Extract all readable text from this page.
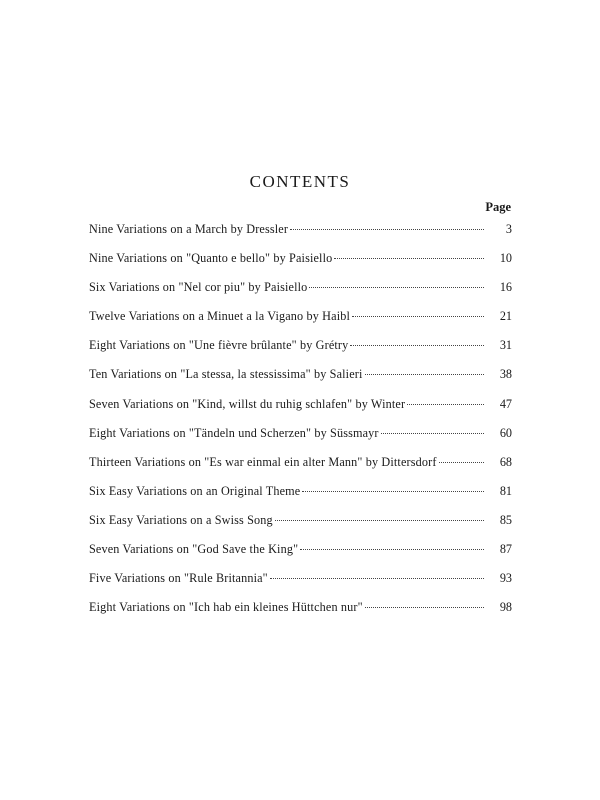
CONTENTS
Page
Nine Variations on a March by Dressler	3
Nine Variations on "Quanto e bello" by Paisiello	10
Six Variations on "Nel cor piu" by Paisiello	16
Twelve Variations on a Minuet a la Vigano by Haibl	21
Eight Variations on "Une fièvre brûlante" by Grétry	31
Ten Variations on "La stessa, la stessissima" by Salieri	38
Seven Variations on "Kind, willst du ruhig schlafen" by Winter	47
Eight Variations on "Tändeln und Scherzen" by Süssmayr	60
Thirteen Variations on "Es war einmal ein alter Mann" by Dittersdorf	68
Six Easy Variations on an Original Theme	81
Six Easy Variations on a Swiss Song	85
Seven Variations on "God Save the King"	87
Five Variations on "Rule Britannia"	93
Eight Variations on "Ich hab ein kleines Hüttchen nur"	98
